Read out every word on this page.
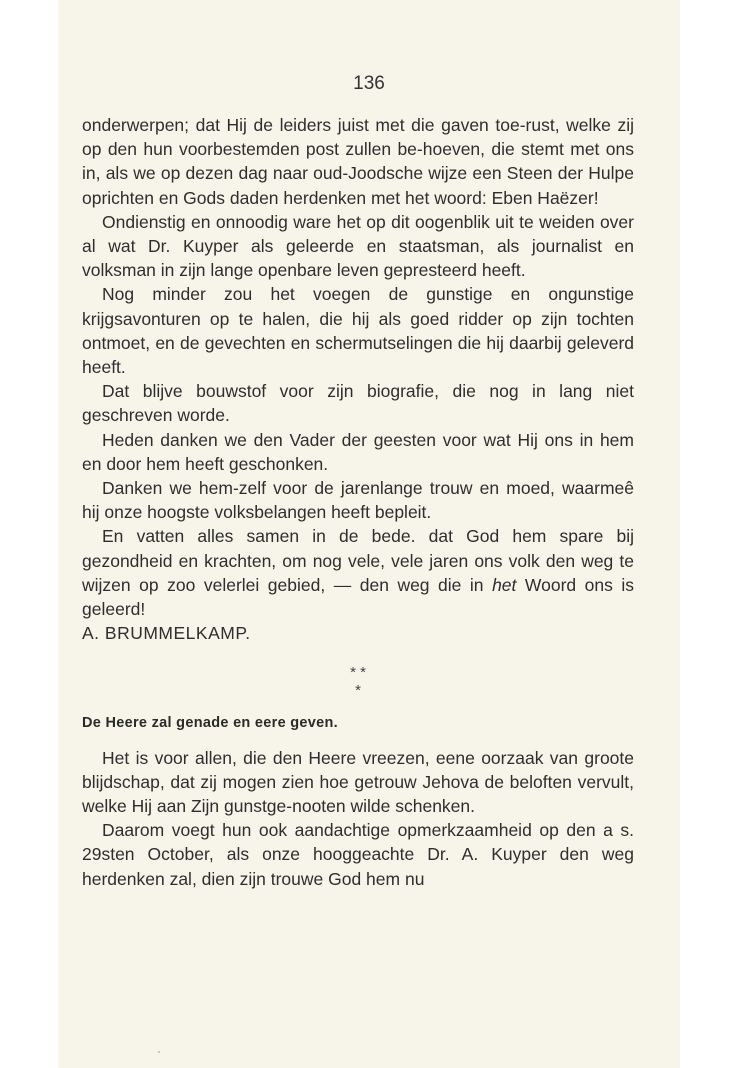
136

onderwerpen; dat Hij de leiders juist met die gaven toe-rust, welke zij op den hun voorbestemden post zullen be-hoeven, die stemt met ons in, als we op dezen dag naar oud-Joodsche wijze een Steen der Hulpe oprichten en Gods daden herdenken met het woord: Eben Haëzer!

Ondienstig en onnoodig ware het op dit oogenblik uit te weiden over al wat Dr. Kuyper als geleerde en staatsman, als journalist en volksman in zijn lange openbare leven gepresteerd heeft.

Nog minder zou het voegen de gunstige en ongunstige krijgsavonturen op te halen, die hij als goed ridder op zijn tochten ontmoet, en de gevechten en schermutselingen die hij daarbij geleverd heeft.

Dat blijve bouwstof voor zijn biografie, die nog in lang niet geschreven worde.

Heden danken we den Vader der geesten voor wat Hij ons in hem en door hem heeft geschonken.

Danken we hem-zelf voor de jarenlange trouw en moed, waarmeê hij onze hoogste volksbelangen heeft bepleit.

En vatten alles samen in de bede. dat God hem spare bij gezondheid en krachten, om nog vele, vele jaren ons volk den weg te wijzen op zoo velerlei gebied, — den weg die in het Woord ons is geleerd!

A. BRUMMELKAMP.

* *
*

De Heere zal genade en eere geven.

Het is voor allen, die den Heere vreezen, eene oorzaak van groote blijdschap, dat zij mogen zien hoe getrouw Jehova de beloften vervult, welke Hij aan Zijn gunstge-nooten wilde schenken.

Daarom voegt hun ook aandachtige opmerkzaamheid op den a s. 29sten October, als onze hooggeachte Dr. A. Kuyper den weg herdenken zal, dien zijn trouwe God hem nu
